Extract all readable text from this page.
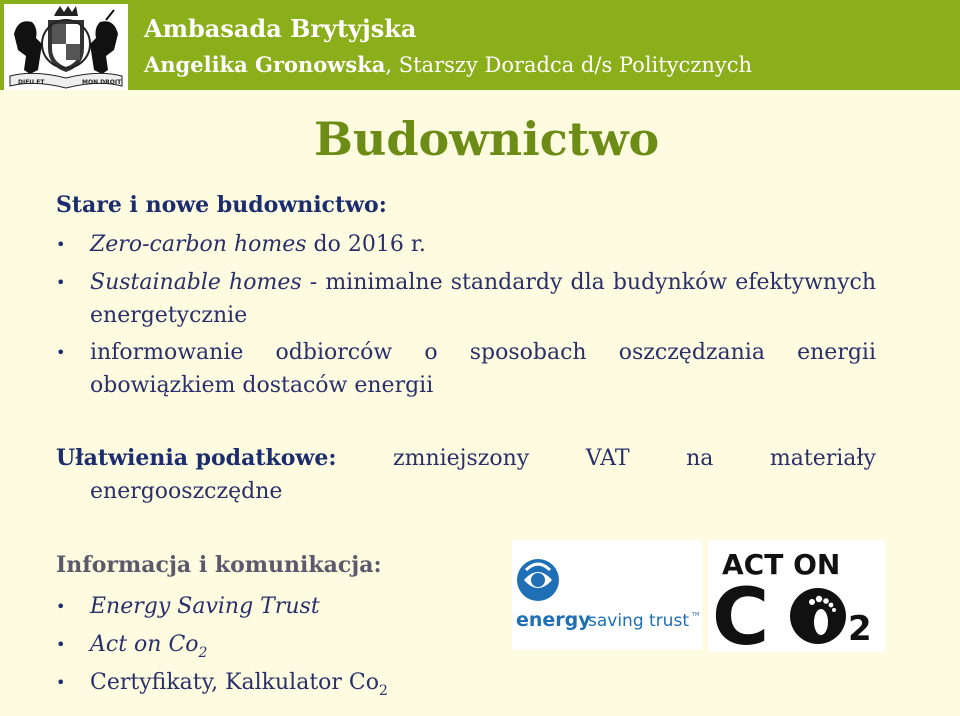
DIEU ET	MON DROIT
Ambasada Brytyjska
Angelika Gronowska, Starszy Doradca d/s Politycznych
Budownictwo
Stare i nowe budownictwo:
• Zero-carbon homes do 2016 r.
• Sustainable homes - minimalne standardy dla budynków efektywnych energetycznie
• informowanie odbiorców o sposobach oszczędzania energii obowiązkiem dostaców energii
Ułatwienia podatkowe:	zmniejszony	VAT	na	materiały
energooszczędne
Informacja i komunikacja:
• Energy Saving Trust
• Act on $Co_2$
• Certyfikaty, Kalkulator $Co_2$
energy
saving trust TM
ACT ON
C 2
